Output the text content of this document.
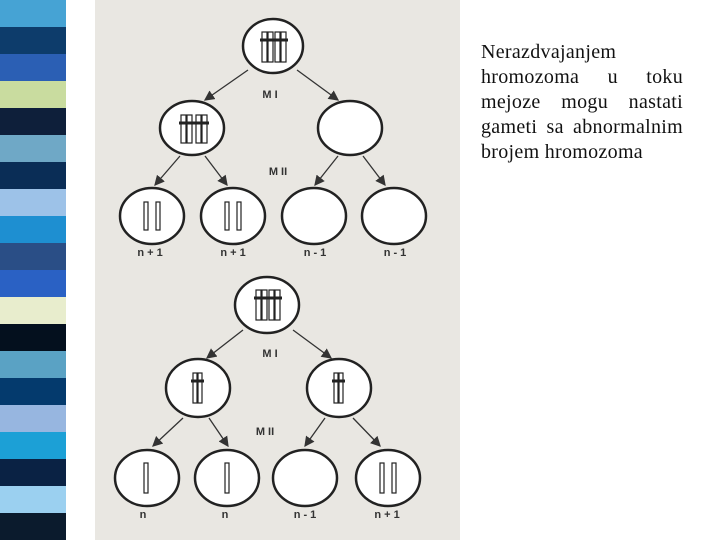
M I
M II
n + 1	n + 1	n - 1	n - 1
M I
M II
n	n	n - 1	n + 1
Nerazdvajanjem hromozoma u toku mejoze mogu nastati gameti sa abnormalnim brojem hromozoma
